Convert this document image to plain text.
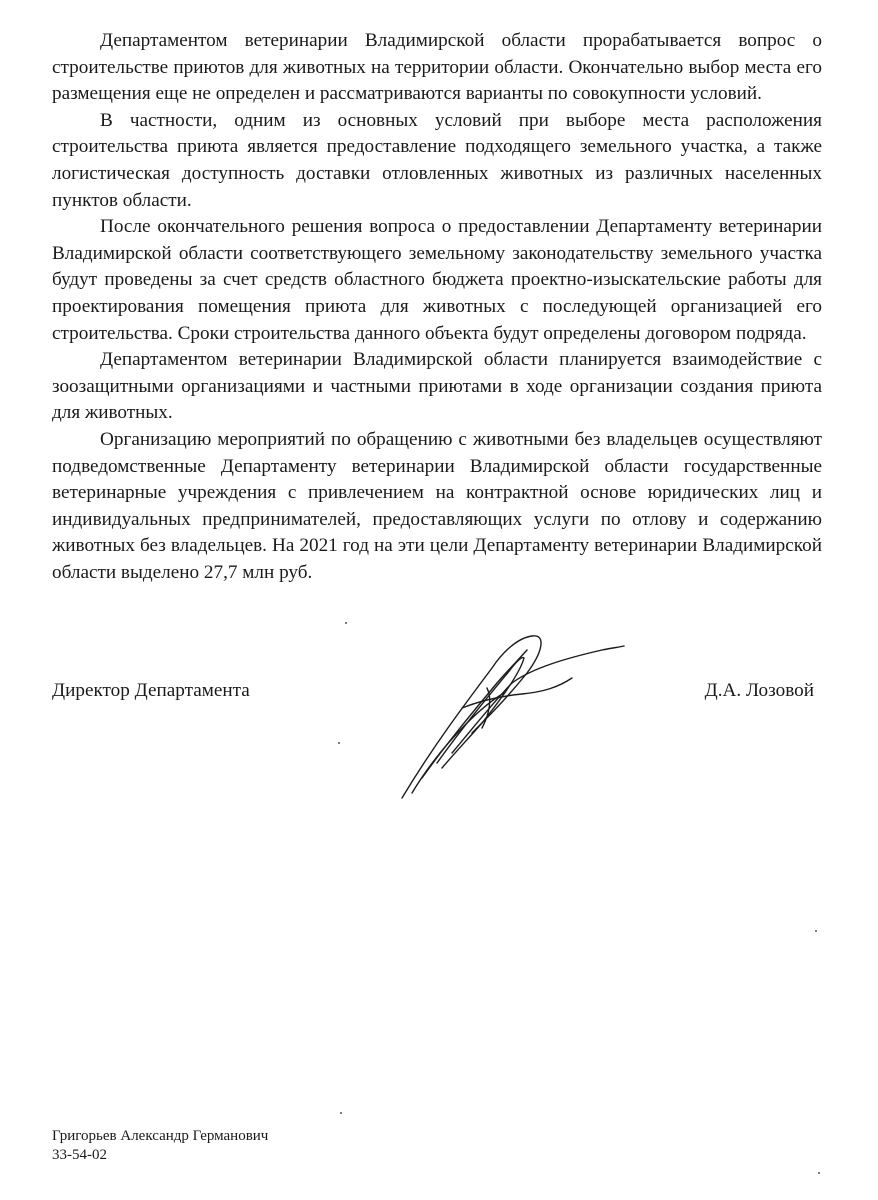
Департаментом ветеринарии Владимирской области прорабатывается вопрос о строительстве приютов для животных на территории области. Окончательно выбор места его размещения еще не определен и рассматриваются варианты по совокупности условий.

В частности, одним из основных условий при выборе места расположения строительства приюта является предоставление подходящего земельного участка, а также логистическая доступность доставки отловленных животных из различных населенных пунктов области.

После окончательного решения вопроса о предоставлении Департаменту ветеринарии Владимирской области соответствующего земельному законодательству земельного участка будут проведены за счет средств областного бюджета проектно-изыскательские работы для проектирования помещения приюта для животных с последующей организацией его строительства. Сроки строительства данного объекта будут определены договором подряда.

Департаментом ветеринарии Владимирской области планируется взаимодействие с зоозащитными организациями и частными приютами в ходе организации создания приюта для животных.

Организацию мероприятий по обращению с животными без владельцев осуществляют подведомственные Департаменту ветеринарии Владимирской области государственные ветеринарные учреждения с привлечением на контрактной основе юридических лиц и индивидуальных предпринимателей, предоставляющих услуги по отлову и содержанию животных без владельцев. На 2021 год на эти цели Департаменту ветеринарии Владимирской области выделено 27,7 млн руб.

Директор Департамента	Д.А. Лозовой

Григорьев Александр Германович
33-54-02
